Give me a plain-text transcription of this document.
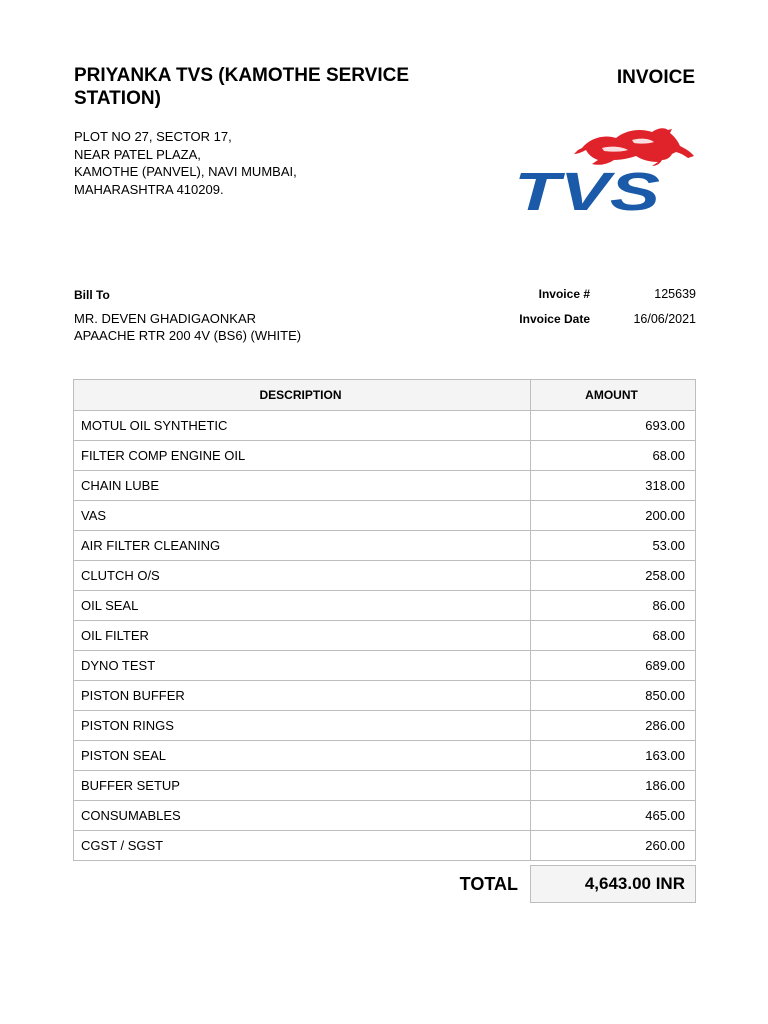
PRIYANKA TVS (KAMOTHE SERVICE STATION)
INVOICE
PLOT NO 27, SECTOR 17,
NEAR PATEL PLAZA,
KAMOTHE (PANVEL), NAVI MUMBAI,
MAHARASHTRA 410209.	TVS
Bill To
MR. DEVEN GHADIGAONKAR
APAACHE RTR 200 4V (BS6) (WHITE)
Invoice #	125639
Invoice Date	16/06/2021
DESCRIPTION	AMOUNT
MOTUL OIL SYNTHETIC	693.00
FILTER COMP ENGINE OIL	68.00
CHAIN LUBE	318.00
VAS	200.00
AIR FILTER CLEANING	53.00
CLUTCH O/S	258.00
OIL SEAL	86.00
OIL FILTER	68.00
DYNO TEST	689.00
PISTON BUFFER	850.00
PISTON RINGS	286.00
PISTON SEAL	163.00
BUFFER SETUP	186.00
CONSUMABLES	465.00
CGST / SGST	260.00

TOTAL	4,643.00 INR
